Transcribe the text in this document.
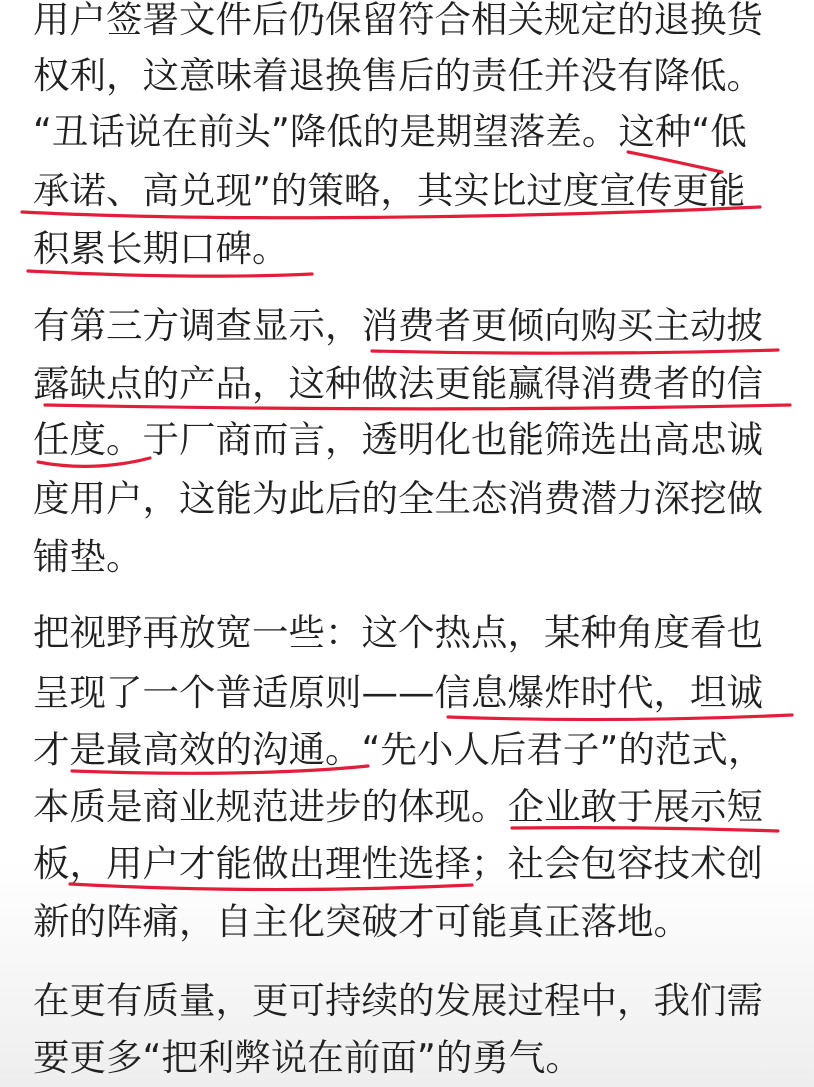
用户签署文件后仍保留符合相关规定的退换货
权利，这意味着退换售后的责任并没有降低。
“丑话说在前头”降低的是期望落差。这种“低
承诺、高兑现”的策略，其实比过度宣传更能
积累长期口碑。
有第三方调查显示，消费者更倾向购买主动披
露缺点的产品，这种做法更能赢得消费者的信
任度。于厂商而言，透明化也能筛选出高忠诚
度用户，这能为此后的全生态消费潜力深挖做
铺垫。
把视野再放宽一些：这个热点，某种角度看也
呈现了一个普适原则——信息爆炸时代，坦诚
才是最高效的沟通。“先小人后君子”的范式，
本质是商业规范进步的体现。企业敢于展示短
板，用户才能做出理性选择；社会包容技术创
新的阵痛，自主化突破才可能真正落地。
在更有质量，更可持续的发展过程中，我们需
要更多“把利弊说在前面”的勇气。
